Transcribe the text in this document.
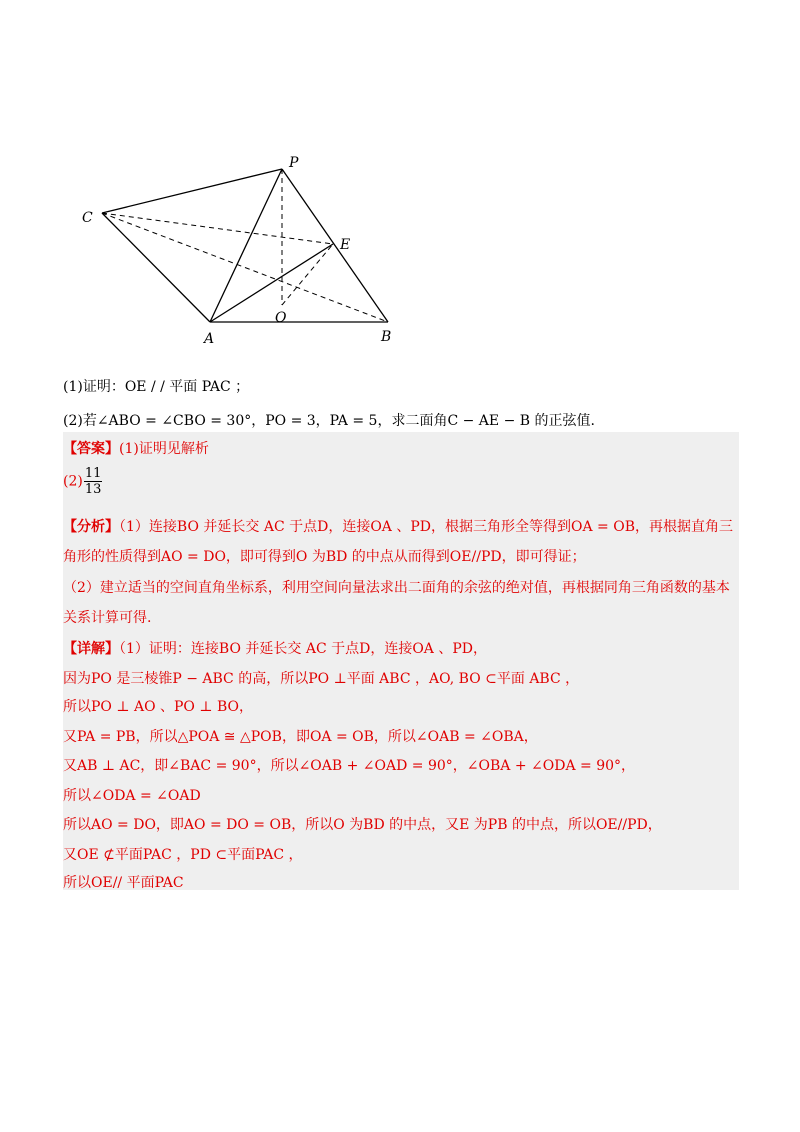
P
C
E
O
A	B
(1)证明：OE / / 平面 PAC ；
(2)若∠ABO = ∠CBO = 30°，PO = 3，PA = 5，求二面角C − AE − B 的正弦值.
【答案】(1)证明见解析
$(2) \frac{11}{13}$
【分析】（1）连接BO 并延长交 AC 于点D，连接OA 、PD，根据三角形全等得到OA = OB，再根据直角三
角形的性质得到AO = DO，即可得到O 为BD 的中点从而得到OE//PD，即可得证；
（2）建立适当的空间直角坐标系，利用空间向量法求出二面角的余弦的绝对值，再根据同角三角函数的基本
关系计算可得.
【详解】（1）证明：连接BO 并延长交 AC 于点D，连接OA 、PD，
因为PO 是三棱锥P − ABC 的高，所以PO ⊥平面 ABC ，AO, BO ⊂平面 ABC ，
所以PO ⊥ AO 、PO ⊥ BO，
又PA = PB，所以△POA ≅ △POB，即OA = OB，所以∠OAB = ∠OBA，
又AB ⊥ AC，即∠BAC = 90°，所以∠OAB + ∠OAD = 90°，∠OBA + ∠ODA = 90°，
所以∠ODA = ∠OAD
所以AO = DO，即AO = DO = OB，所以O 为BD 的中点，又E 为PB 的中点，所以OE//PD，
又OE ⊄平面PAC ，PD ⊂平面PAC ，
所以OE// 平面PAC
